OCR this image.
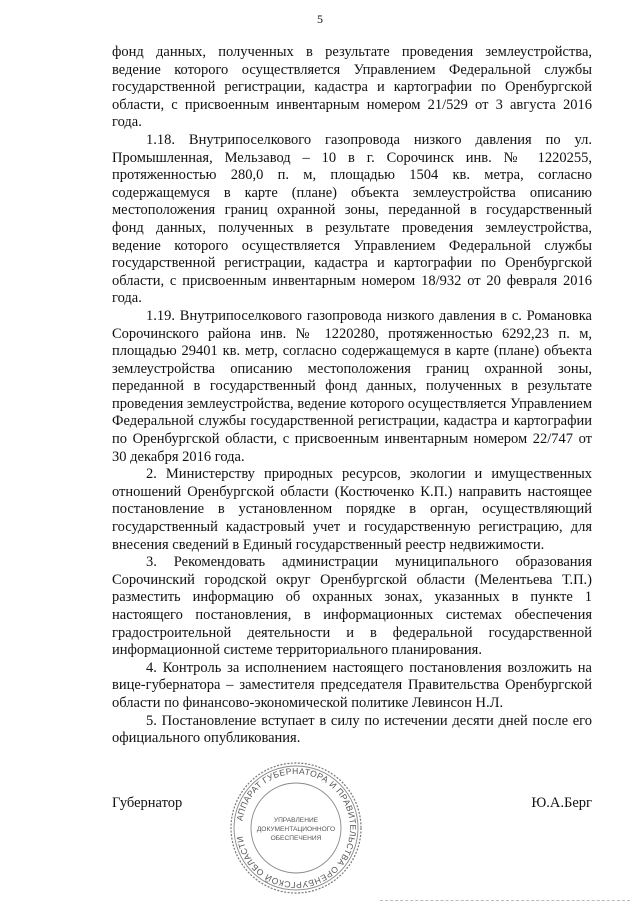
5

фонд данных, полученных в результате проведения землеустройства, ведение которого осуществляется Управлением Федеральной службы государственной регистрации, кадастра и картографии по Оренбургской области, с присвоенным инвентарным номером 21/529 от 3 августа 2016 года.

1.18. Внутрипоселкового газопровода низкого давления по ул. Промышленная, Мельзавод – 10 в г. Сорочинск инв. № 1220255, протяженностью 280,0 п. м, площадью 1504 кв. метра, согласно содержащемуся в карте (плане) объекта землеустройства описанию местоположения границ охранной зоны, переданной в государственный фонд данных, полученных в результате проведения землеустройства, ведение которого осуществляется Управлением Федеральной службы государственной регистрации, кадастра и картографии по Оренбургской области, с присвоенным инвентарным номером 18/932 от 20 февраля 2016 года.

1.19. Внутрипоселкового газопровода низкого давления в с. Романовка Сорочинского района инв. № 1220280, протяженностью 6292,23 п. м, площадью 29401 кв. метр, согласно содержащемуся в карте (плане) объекта землеустройства описанию местоположения границ охранной зоны, переданной в государственный фонд данных, полученных в результате проведения землеустройства, ведение которого осуществляется Управлением Федеральной службы государственной регистрации, кадастра и картографии по Оренбургской области, с присвоенным инвентарным номером 22/747 от 30 декабря 2016 года.

2. Министерству природных ресурсов, экологии и имущественных отношений Оренбургской области (Костюченко К.П.) направить настоящее постановление в установленном порядке в орган, осуществляющий государственный кадастровый учет и государственную регистрацию, для внесения сведений в Единый государственный реестр недвижимости.

3. Рекомендовать администрации муниципального образования Сорочинский городской округ Оренбургской области (Мелентьева Т.П.) разместить информацию об охранных зонах, указанных в пункте 1 настоящего постановления, в информационных системах обеспечения градостроительной деятельности и в федеральной государственной информационной системе территориального планирования.

4. Контроль за исполнением настоящего постановления возложить на вице-губернатора – заместителя председателя Правительства Оренбургской области по финансово-экономической политике Левинсон Н.Л.

5. Постановление вступает в силу по истечении десяти дней после его официального опубликования.

Губернатор	Ю.А.Берг
АППАРАТ ГУБЕРНАТОРА И ПРАВИТЕЛЬСТВА ОРЕНБУРГСКОЙ ОБЛАСТИ
УПРАВЛЕНИЕ
ДОКУМЕНТАЦИОННОГО
ОБЕСПЕЧЕНИЯ
